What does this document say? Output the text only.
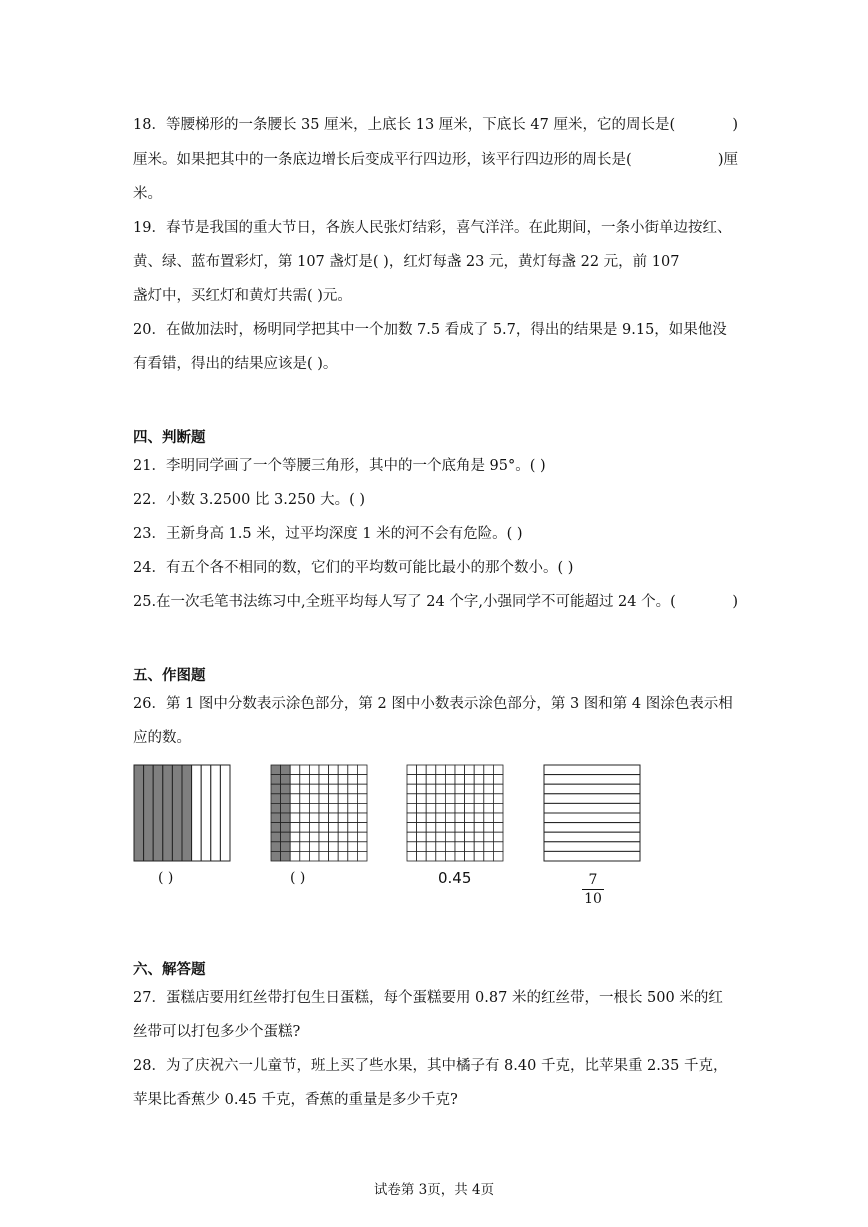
18．等腰梯形的一条腰长 35 厘米，上底长 13 厘米，下底长 47 厘米，它的周长是(	)
厘米。如果把其中的一条底边增长后变成平行四边形，该平行四边形的周长是(	)厘
米。
19．春节是我国的重大节日，各族人民张灯结彩，喜气洋洋。在此期间，一条小街单边按红、
黄、绿、蓝布置彩灯，第 107 盏灯是( )，红灯每盏 23 元，黄灯每盏 22 元，前 107
盏灯中，买红灯和黄灯共需( )元。
20．在做加法时，杨明同学把其中一个加数 7.5 看成了 5.7，得出的结果是 9.15，如果他没
有看错，得出的结果应该是( )。
四、判断题
21．李明同学画了一个等腰三角形，其中的一个底角是 95°。( )
22．小数 3.2500 比 3.250 大。( )
23．王新身高 1.5 米，过平均深度 1 米的河不会有危险。( )
24．有五个各不相同的数，它们的平均数可能比最小的那个数小。( )
25.在一次毛笔书法练习中,全班平均每人写了 24 个字,小强同学不可能超过 24 个。(	)
五、作图题
26．第 1 图中分数表示涂色部分，第 2 图中小数表示涂色部分，第 3 图和第 4 图涂色表示相
应的数。
( )	( )	0.45	7
10
六、解答题
27．蛋糕店要用红丝带打包生日蛋糕，每个蛋糕要用 0.87 米的红丝带，一根长 500 米的红
丝带可以打包多少个蛋糕?
28．为了庆祝六一儿童节，班上买了些水果，其中橘子有 8.40 千克，比苹果重 2.35 千克，
苹果比香蕉少 0.45 千克，香蕉的重量是多少千克?
试卷第 3页，共 4页
